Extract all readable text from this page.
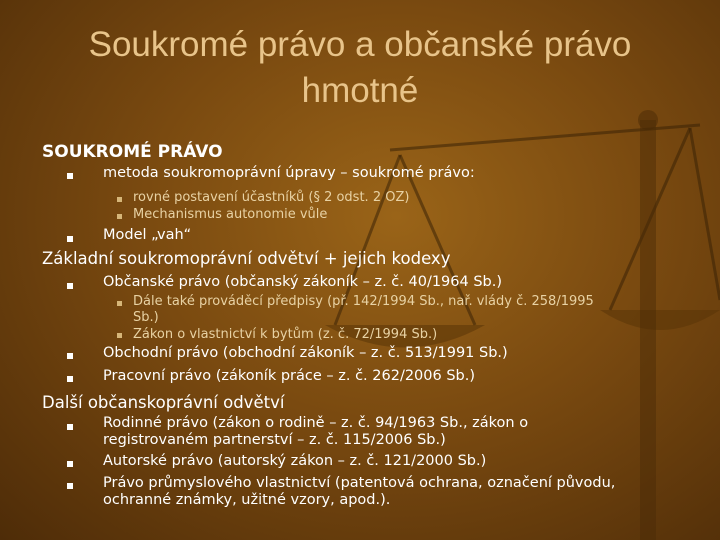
Soukromé právo a občanské právo
hmotné
SOUKROMÉ PRÁVO
metoda soukromoprávní úpravy – soukromé právo:
rovné postavení účastníků (§ 2 odst. 2 OZ)
Mechanismus autonomie vůle
Model „vah“
Základní soukromoprávní odvětví + jejich kodexy
Občanské právo (občanský zákoník – z. č. 40/1964 Sb.)
Dále také prováděcí předpisy (př. 142/1994 Sb., nař. vlády č. 258/1995
Sb.)
Zákon o vlastnictví k bytům (z. č. 72/1994 Sb.)
Obchodní právo (obchodní zákoník – z. č. 513/1991 Sb.)
Pracovní právo (zákoník práce – z. č. 262/2006 Sb.)
Další občanskoprávní odvětví
Rodinné právo (zákon o rodině – z. č. 94/1963 Sb., zákon o
registrovaném partnerství – z. č. 115/2006 Sb.)
Autorské právo (autorský zákon – z. č. 121/2000 Sb.)
Právo průmyslového vlastnictví (patentová ochrana, označení původu,
ochranné známky, užitné vzory, apod.).
